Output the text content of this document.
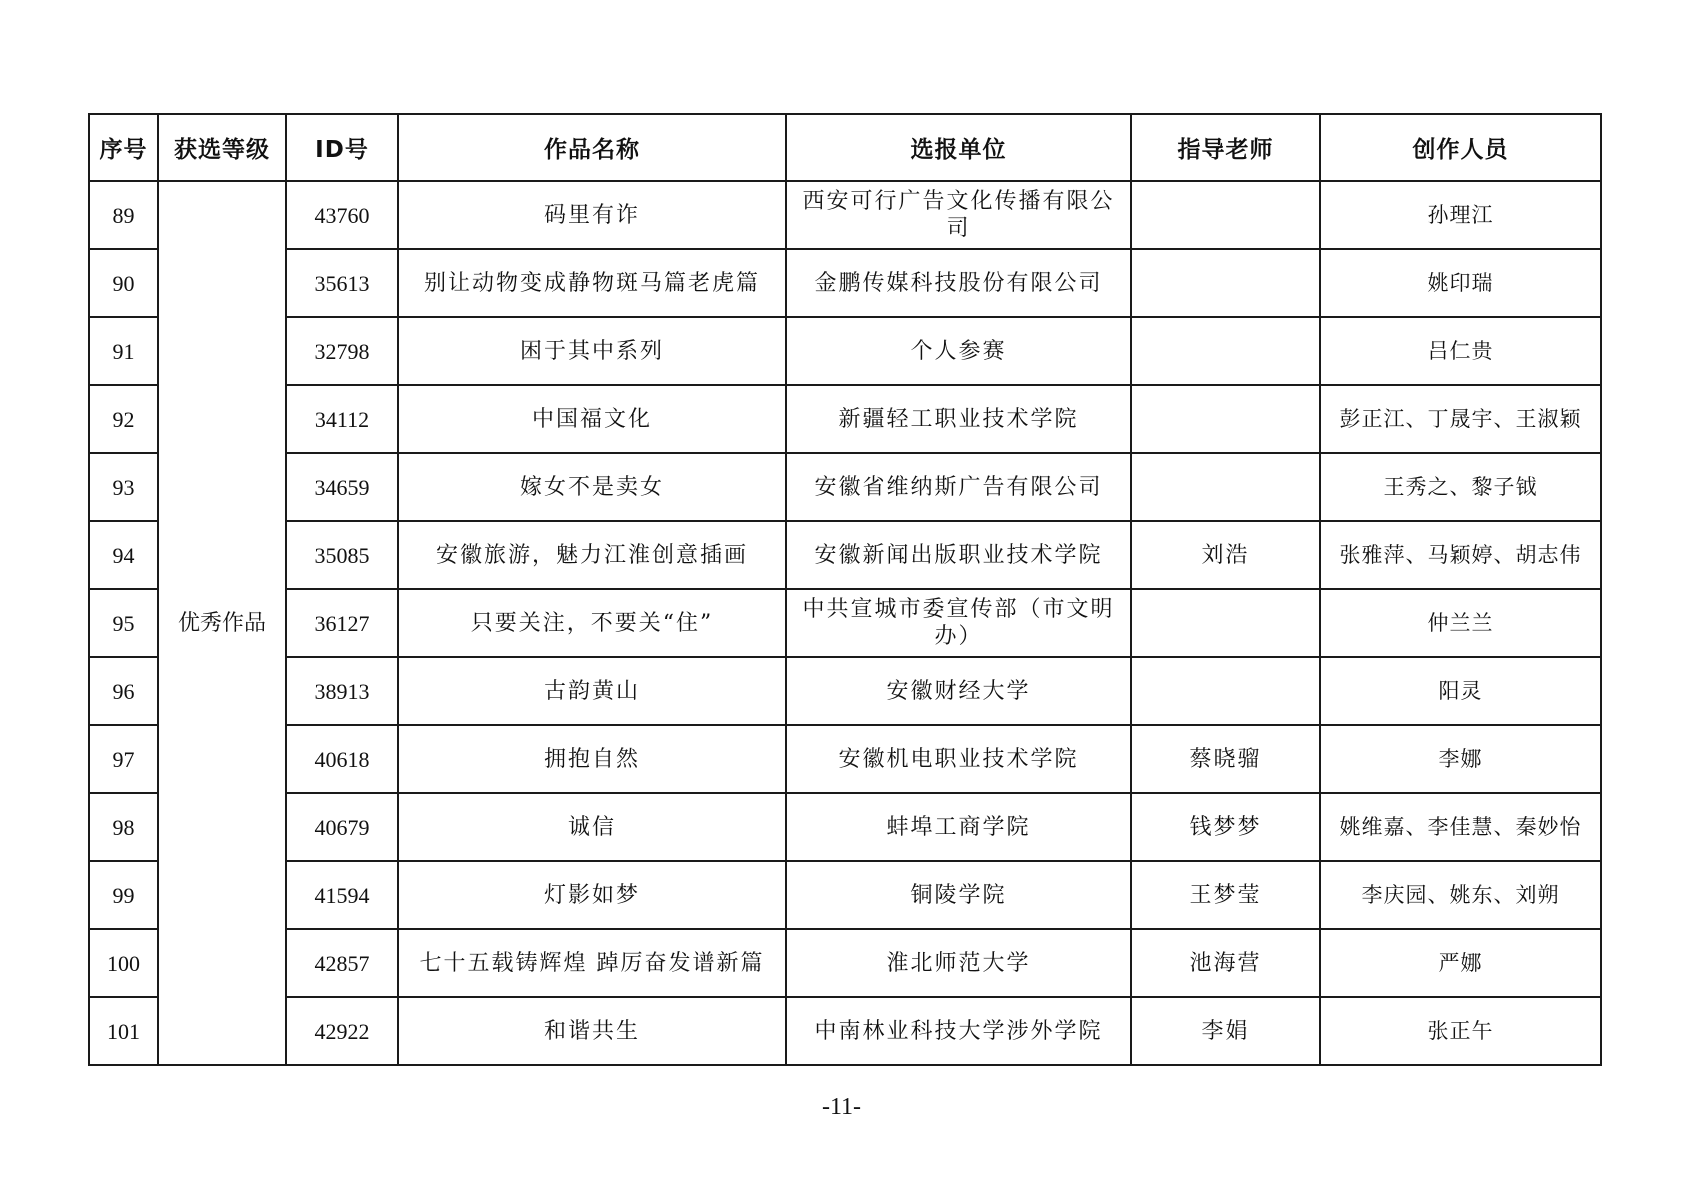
序号	获选等级	ID号	作品名称	选报单位	指导老师	创作人员
89	优秀作品	43760	码里有诈	西安可行广告文化传播有限公司		孙理江
90		35613	别让动物变成静物斑马篇老虎篇	金鹏传媒科技股份有限公司		姚印瑞
91		32798	困于其中系列	个人参赛		吕仁贵
92		34112	中国福文化	新疆轻工职业技术学院		彭正江、丁晟宇、王淑颖
93		34659	嫁女不是卖女	安徽省维纳斯广告有限公司		王秀之、黎子钺
94		35085	安徽旅游，魅力江淮创意插画	安徽新闻出版职业技术学院	刘浩	张雅萍、马颖婷、胡志伟
95		36127	只要关注，不要关“住”	中共宣城市委宣传部（市文明办）		仲兰兰
96		38913	古韵黄山	安徽财经大学		阳灵
97		40618	拥抱自然	安徽机电职业技术学院	蔡晓骝	李娜
98		40679	诚信	蚌埠工商学院	钱梦梦	姚维嘉、李佳慧、秦妙怡
99		41594	灯影如梦	铜陵学院	王梦莹	李庆园、姚东、刘朔
100		42857	七十五载铸辉煌 踔厉奋发谱新篇	淮北师范大学	池海营	严娜
101		42922	和谐共生	中南林业科技大学涉外学院	李娟	张正午
-11-
